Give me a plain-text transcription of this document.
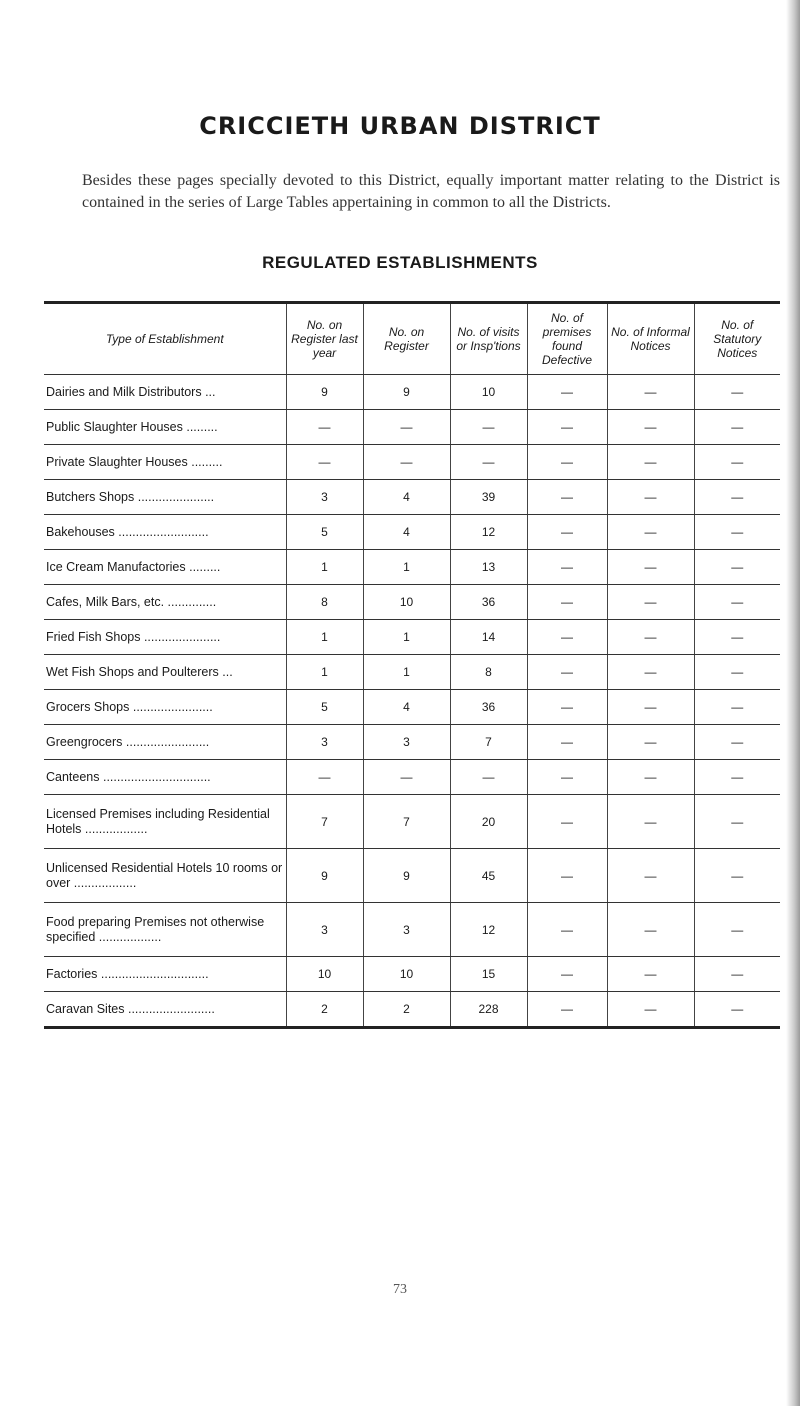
CRICCIETH URBAN DISTRICT

Besides these pages specially devoted to this District, equally important matter relating to the District is contained in the series of Large Tables appertaining in common to all the Districts.

REGULATED ESTABLISHMENTS
Type of Establishment	No. on Register last year	No. on Register	No. of visits or Insp'tions	No. of premises found Defective	No. of Informal Notices	No. of Statutory Notices
Dairies and Milk Distributors ...	9	9	10	—	—	—
Public Slaughter Houses .........	—	—	—	—	—	—
Private Slaughter Houses .........	—	—	—	—	—	—
Butchers Shops ......................	3	4	39	—	—	—
Bakehouses ..........................	5	4	12	—	—	—
Ice Cream Manufactories .........	1	1	13	—	—	—
Cafes, Milk Bars, etc. ..............	8	10	36	—	—	—
Fried Fish Shops ......................	1	1	14	—	—	—
Wet Fish Shops and Poulterers ...	1	1	8	—	—	—
Grocers Shops .......................	5	4	36	—	—	—
Greengrocers ........................	3	3	7	—	—	—
Canteens ...............................	—	—	—	—	—	—
Licensed Premises including Residential Hotels ..................	7	7	20	—	—	—
Unlicensed Residential Hotels 10 rooms or over ..................	9	9	45	—	—	—
Food preparing Premises not otherwise specified ..................	3	3	12	—	—	—
Factories ...............................	10	10	15	—	—	—
Caravan Sites .........................	2	2	228	—	—	—
73
